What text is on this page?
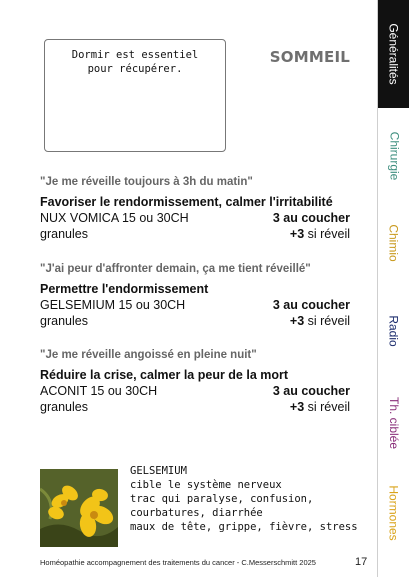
Dormir est essentiel
pour récupérer.
SOMMEIL
"Je me réveille toujours à 3h du matin"
Favoriser le rendormissement, calmer l'irritabilité
NUX VOMICA 15 ou 30CH	3 au coucher
granules	+3 si réveil
"J'ai peur d'affronter demain, ça me tient réveillé"
Permettre l'endormissement
GELSEMIUM 15 ou 30CH	3 au coucher
granules	+3 si réveil
"Je me réveille angoissé en pleine nuit"
Réduire la crise, calmer la peur de la mort
ACONIT 15 ou 30CH	3 au coucher
granules	+3 si réveil
GELSEMIUM
cible le système nerveux
trac qui paralyse, confusion,
courbatures, diarrhée
maux de tête, grippe, fièvre, stress
Homéopathie accompagnement des traitements du cancer - C.Messerschmitt 2025	17
Généralités
Chirurgie
Chimio
Radio
Th. ciblée
Hormones
